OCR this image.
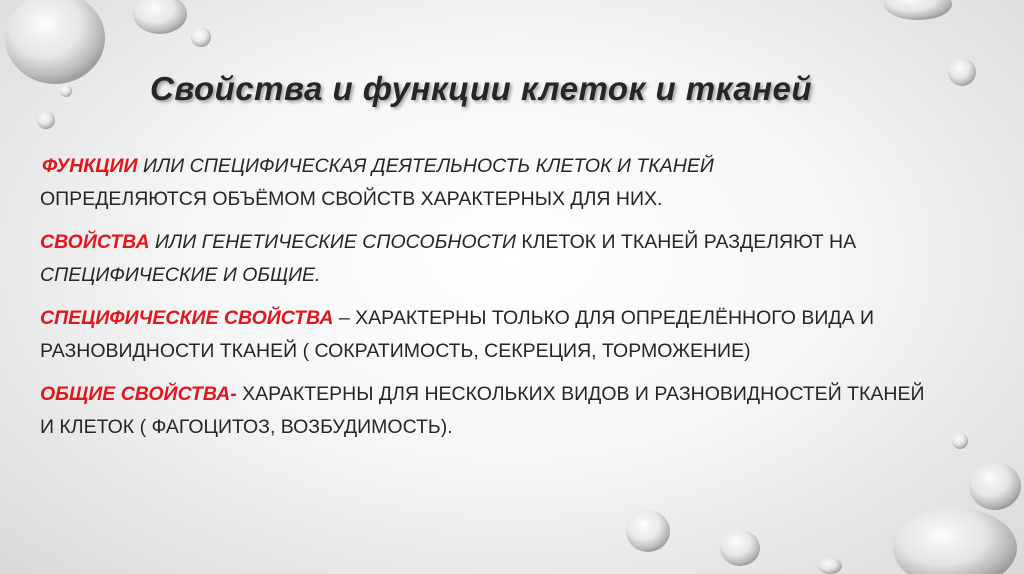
Свойства и функции клеток и тканей

ФУНКЦИИ ИЛИ СПЕЦИФИЧЕСКАЯ ДЕЯТЕЛЬНОСТЬ КЛЕТОК И ТКАНЕЙ
ОПРЕДЕЛЯЮТСЯ ОБЪЁМОМ СВОЙСТВ ХАРАКТЕРНЫХ ДЛЯ НИХ.

СВОЙСТВА ИЛИ ГЕНЕТИЧЕСКИЕ СПОСОБНОСТИ КЛЕТОК И ТКАНЕЙ РАЗДЕЛЯЮТ НА
СПЕЦИФИЧЕСКИЕ И ОБЩИЕ.

СПЕЦИФИЧЕСКИЕ СВОЙСТВА – ХАРАКТЕРНЫ ТОЛЬКО ДЛЯ ОПРЕДЕЛЁННОГО ВИДА И РАЗНОВИДНОСТИ ТКАНЕЙ ( СОКРАТИМОСТЬ, СЕКРЕЦИЯ, ТОРМОЖЕНИЕ)

ОБЩИЕ СВОЙСТВА- ХАРАКТЕРНЫ ДЛЯ НЕСКОЛЬКИХ ВИДОВ И РАЗНОВИДНОСТЕЙ ТКАНЕЙ И КЛЕТОК ( ФАГОЦИТОЗ, ВОЗБУДИМОСТЬ).
